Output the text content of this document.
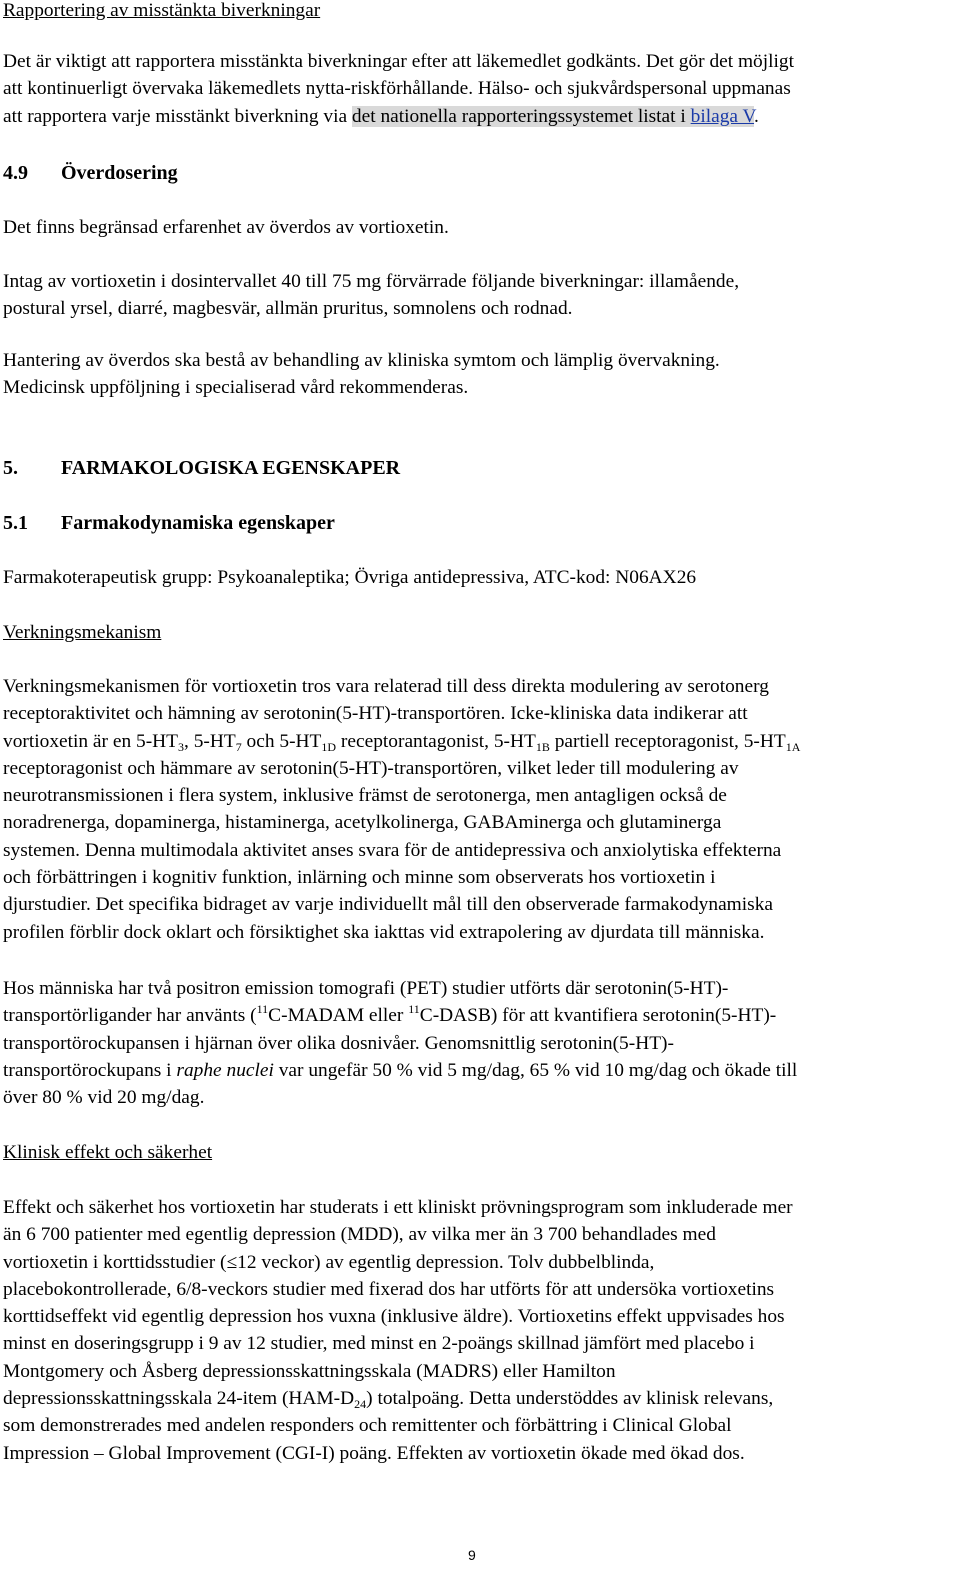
Rapportering av misstänkta biverkningar
Det är viktigt att rapportera misstänkta biverkningar efter att läkemedlet godkänts. Det gör det möjligt
att kontinuerligt övervaka läkemedlets nytta-riskförhållande. Hälso- och sjukvårdspersonal uppmanas
att rapportera varje misstänkt biverkning via det nationella rapporteringssystemet listat i bilaga V.
4.9 Överdosering
Det finns begränsad erfarenhet av överdos av vortioxetin.
Intag av vortioxetin i dosintervallet 40 till 75 mg förvärrade följande biverkningar: illamående,
postural yrsel, diarré, magbesvär, allmän pruritus, somnolens och rodnad.
Hantering av överdos ska bestå av behandling av kliniska symtom och lämplig övervakning.
Medicinsk uppföljning i specialiserad vård rekommenderas.
5. FARMAKOLOGISKA EGENSKAPER
5.1 Farmakodynamiska egenskaper
Farmakoterapeutisk grupp: Psykoanaleptika; Övriga antidepressiva, ATC-kod: N06AX26
Verkningsmekanism
Verkningsmekanismen för vortioxetin tros vara relaterad till dess direkta modulering av serotonerg
receptoraktivitet och hämning av serotonin(5-HT)-transportören. Icke-kliniska data indikerar att
vortioxetin är en $5-HT_3$, $5-HT_7$ och $5-HT_{1D}$ receptorantagonist, $5-HT_{1B}$ partiell receptoragonist, $5-HT_{1A}$
receptoragonist och hämmare av serotonin(5-HT)-transportören, vilket leder till modulering av
neurotransmissionen i flera system, inklusive främst de serotonerga, men antagligen också de
noradrenerga, dopaminerga, histaminerga, acetylkolinerga, GABAminerga och glutaminerga
systemen. Denna multimodala aktivitet anses svara för de antidepressiva och anxiolytiska effekterna
och förbättringen i kognitiv funktion, inlärning och minne som observerats hos vortioxetin i
djurstudier. Det specifika bidraget av varje individuellt mål till den observerade farmakodynamiska
profilen förblir dock oklart och försiktighet ska iakttas vid extrapolering av djurdata till människa.
Hos människa har två positron emission tomografi (PET) studier utförts där serotonin(5-HT)-
transportörligander har använts ($^{11}$C-MADAM eller $^{11}$C-DASB) för att kvantifiera serotonin(5-HT)-
transportörockupansen i hjärnan över olika dosnivåer. Genomsnittlig serotonin(5-HT)-
transportörockupans i raphe nuclei var ungefär 50 % vid 5 mg/dag, 65 % vid 10 mg/dag och ökade till
över 80 % vid 20 mg/dag.
Klinisk effekt och säkerhet
Effekt och säkerhet hos vortioxetin har studerats i ett kliniskt prövningsprogram som inkluderade mer
än 6 700 patienter med egentlig depression (MDD), av vilka mer än 3 700 behandlades med
vortioxetin i korttidsstudier (≤12 veckor) av egentlig depression. Tolv dubbelblinda,
placebokontrollerade, 6/8-veckors studier med fixerad dos har utförts för att undersöka vortioxetins
korttidseffekt vid egentlig depression hos vuxna (inklusive äldre). Vortioxetins effekt uppvisades hos
minst en doseringsgrupp i 9 av 12 studier, med minst en 2-poängs skillnad jämfört med placebo i
Montgomery och Åsberg depressionsskattningsskala (MADRS) eller Hamilton
depressionsskattningsskala 24-item $(HAM-D_{24})$ totalpoäng. Detta understöddes av klinisk relevans,
som demonstrerades med andelen responders och remittenter och förbättring i Clinical Global
Impression – Global Improvement (CGI-I) poäng. Effekten av vortioxetin ökade med ökad dos.
9
